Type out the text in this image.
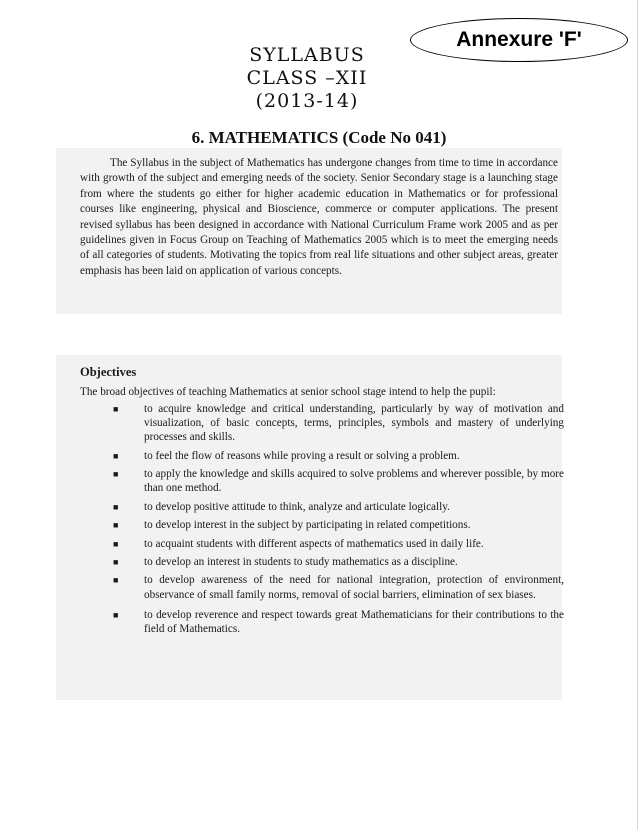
Annexure 'F'
SYLLABUS
CLASS –XII
(2013-14)
6. MATHEMATICS (Code No 041)

The Syllabus in the subject of Mathematics has undergone changes from time to time in accordance with growth of the subject and emerging needs of the society. Senior Secondary stage is a launching stage from where the students go either for higher academic education in Mathematics or for professional courses like engineering, physical and Bioscience, commerce or computer applications. The present revised syllabus has been designed in accordance with National Curriculum Frame work 2005 and as per guidelines given in Focus Group on Teaching of Mathematics 2005 which is to meet the emerging needs of all categories of students. Motivating the topics from real life situations and other subject areas, greater emphasis has been laid on application of various concepts.

Objectives
The broad objectives of teaching Mathematics at senior school stage intend to help the pupil:
■	to acquire knowledge and critical understanding, particularly by way of motivation and visualization, of basic concepts, terms, principles, symbols and mastery of underlying processes and skills.
■	to feel the flow of reasons while proving a result or solving a problem.
■	to apply the knowledge and skills acquired to solve problems and wherever possible, by more than one method.
■	to develop positive attitude to think, analyze and articulate logically.
■	to develop interest in the subject by participating in related competitions.
■	to acquaint students with different aspects of mathematics used in daily life.
■	to develop an interest in students to study mathematics as a discipline.
■	to develop awareness of the need for national integration, protection of environment, observance of small family norms, removal of social barriers, elimination of sex biases.
■	to develop reverence and respect towards great Mathematicians for their contributions to the field of Mathematics.
